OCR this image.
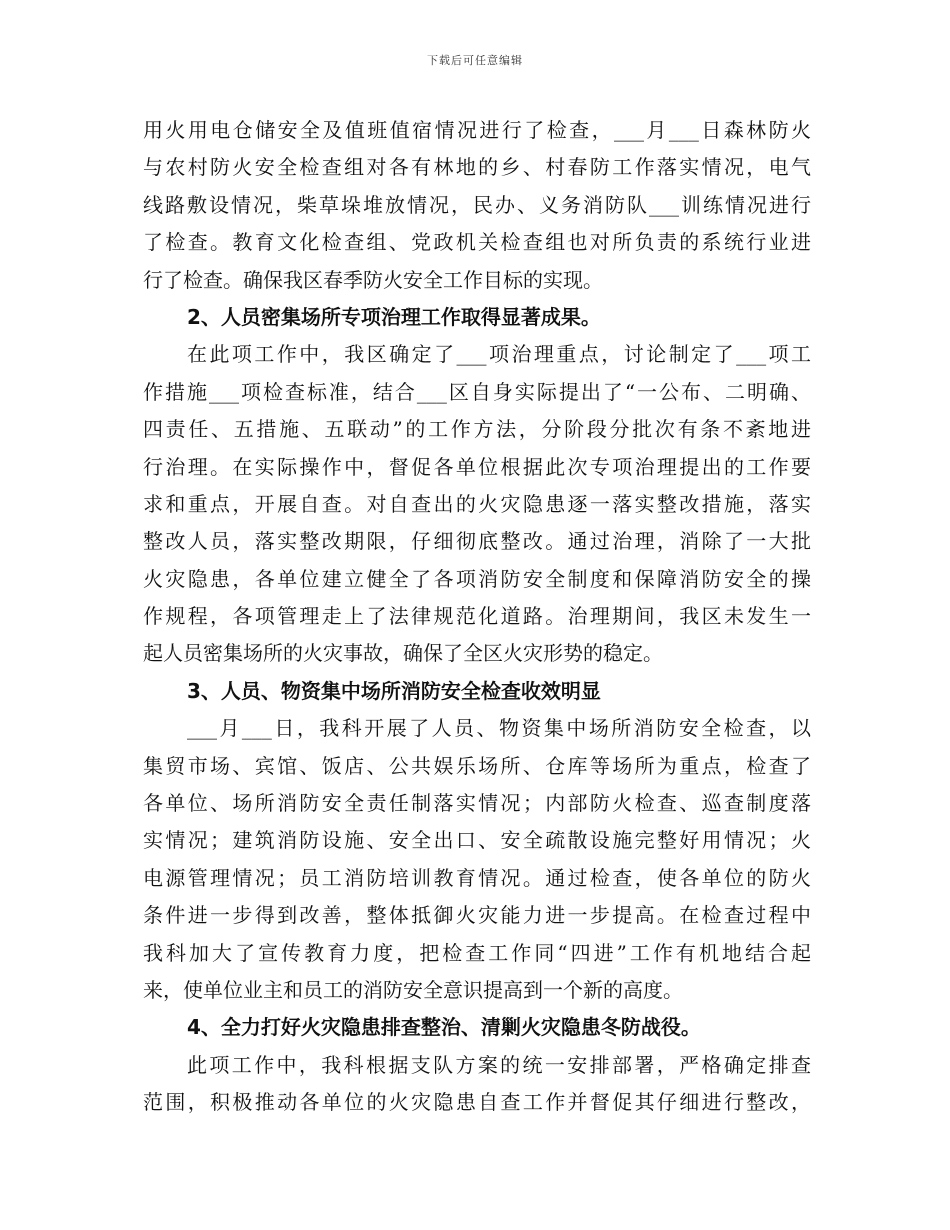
下载后可任意编辑
用火用电仓储安全及值班值宿情况进行了检查，___月___日森林防火
与农村防火安全检查组对各有林地的乡、村春防工作落实情况，电气
线路敷设情况，柴草垛堆放情况，民办、义务消防队___训练情况进行
了检查。教育文化检查组、党政机关检查组也对所负责的系统行业进
行了检查。确保我区春季防火安全工作目标的实现。
2、人员密集场所专项治理工作取得显著成果。
在此项工作中，我区确定了___项治理重点，讨论制定了___项工
作措施___项检查标准，结合___区自身实际提出了“一公布、二明确、
四责任、五措施、五联动”的工作方法，分阶段分批次有条不紊地进
行治理。在实际操作中，督促各单位根据此次专项治理提出的工作要
求和重点，开展自查。对自查出的火灾隐患逐一落实整改措施，落实
整改人员，落实整改期限，仔细彻底整改。通过治理，消除了一大批
火灾隐患，各单位建立健全了各项消防安全制度和保障消防安全的操
作规程，各项管理走上了法律规范化道路。治理期间，我区未发生一
起人员密集场所的火灾事故，确保了全区火灾形势的稳定。
3、人员、物资集中场所消防安全检查收效明显
___月___日，我科开展了人员、物资集中场所消防安全检查，以
集贸市场、宾馆、饭店、公共娱乐场所、仓库等场所为重点，检查了
各单位、场所消防安全责任制落实情况；内部防火检查、巡查制度落
实情况；建筑消防设施、安全出口、安全疏散设施完整好用情况；火
电源管理情况；员工消防培训教育情况。通过检查，使各单位的防火
条件进一步得到改善，整体抵御火灾能力进一步提高。在检查过程中
我科加大了宣传教育力度，把检查工作同“四进”工作有机地结合起
来，使单位业主和员工的消防安全意识提高到一个新的高度。
4、全力打好火灾隐患排查整治、清剿火灾隐患冬防战役。
此项工作中，我科根据支队方案的统一安排部署，严格确定排查
范围，积极推动各单位的火灾隐患自查工作并督促其仔细进行整改，
